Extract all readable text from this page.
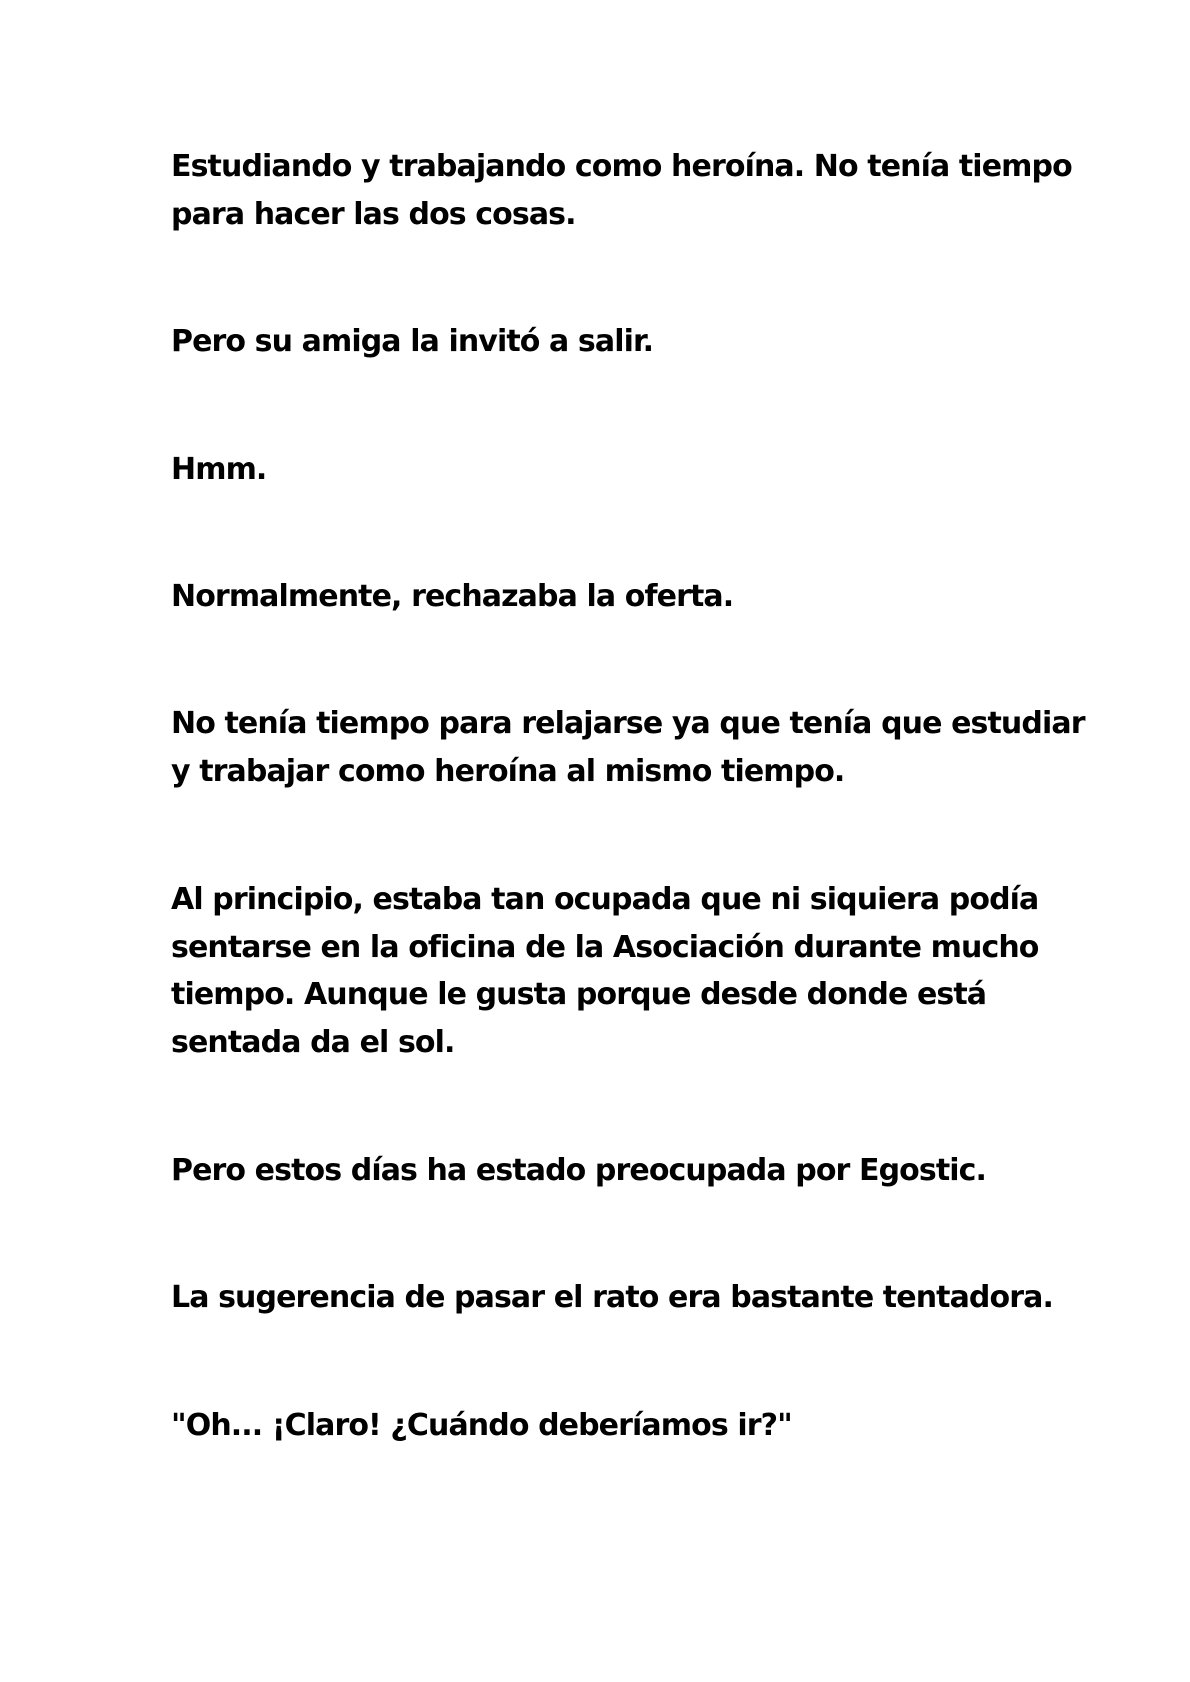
Estudiando y trabajando como heroína. No tenía tiempo
para hacer las dos cosas.

Pero su amiga la invitó a salir.

Hmm.

Normalmente, rechazaba la oferta.

No tenía tiempo para relajarse ya que tenía que estudiar
y trabajar como heroína al mismo tiempo.

Al principio, estaba tan ocupada que ni siquiera podía
sentarse en la oficina de la Asociación durante mucho
tiempo. Aunque le gusta porque desde donde está
sentada da el sol.

Pero estos días ha estado preocupada por Egostic.

La sugerencia de pasar el rato era bastante tentadora.

"Oh... ¡Claro! ¿Cuándo deberíamos ir?"
